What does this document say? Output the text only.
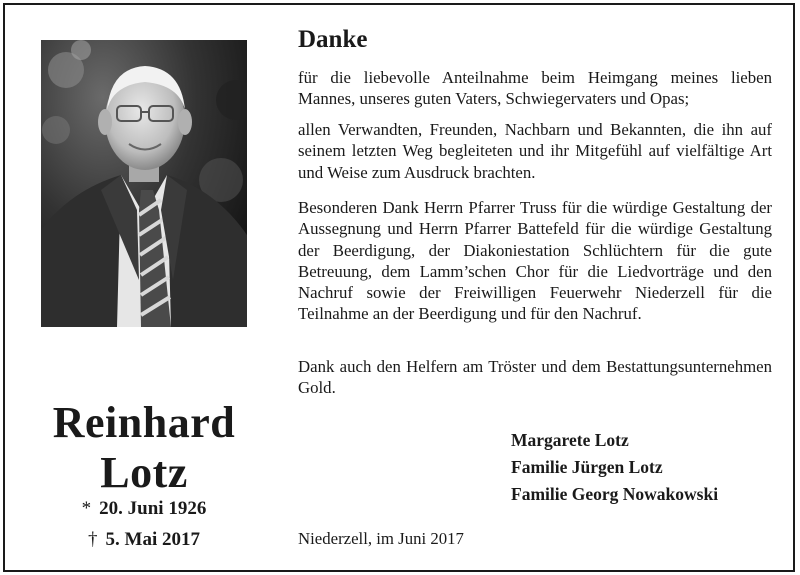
Reinhard
Lotz
* 20. Juni 1926
† 5. Mai 2017
Danke

für die liebevolle Anteilnahme beim Heimgang meines lieben Mannes, unseres guten Vaters, Schwiegervaters und Opas;

allen Verwandten, Freunden, Nachbarn und Bekannten, die ihn auf seinem letzten Weg begleiteten und ihr Mitgefühl auf vielfältige Art und Weise zum Ausdruck brachten.

Besonderen Dank Herrn Pfarrer Truss für die würdige Gestaltung der Aussegnung und Herrn Pfarrer Battefeld für die würdige Gestaltung der Beerdigung, der Diakoniestation Schlüchtern für die gute Betreuung, dem Lamm’schen Chor für die Liedvorträge und den Nachruf sowie der Freiwilligen Feuerwehr Niederzell für die Teilnahme an der Beerdigung und für den Nachruf.

Dank auch den Helfern am Tröster und dem Bestattungsunternehmen Gold.

Margarete Lotz
Familie Jürgen Lotz
Familie Georg Nowakowski
Niederzell, im Juni 2017
